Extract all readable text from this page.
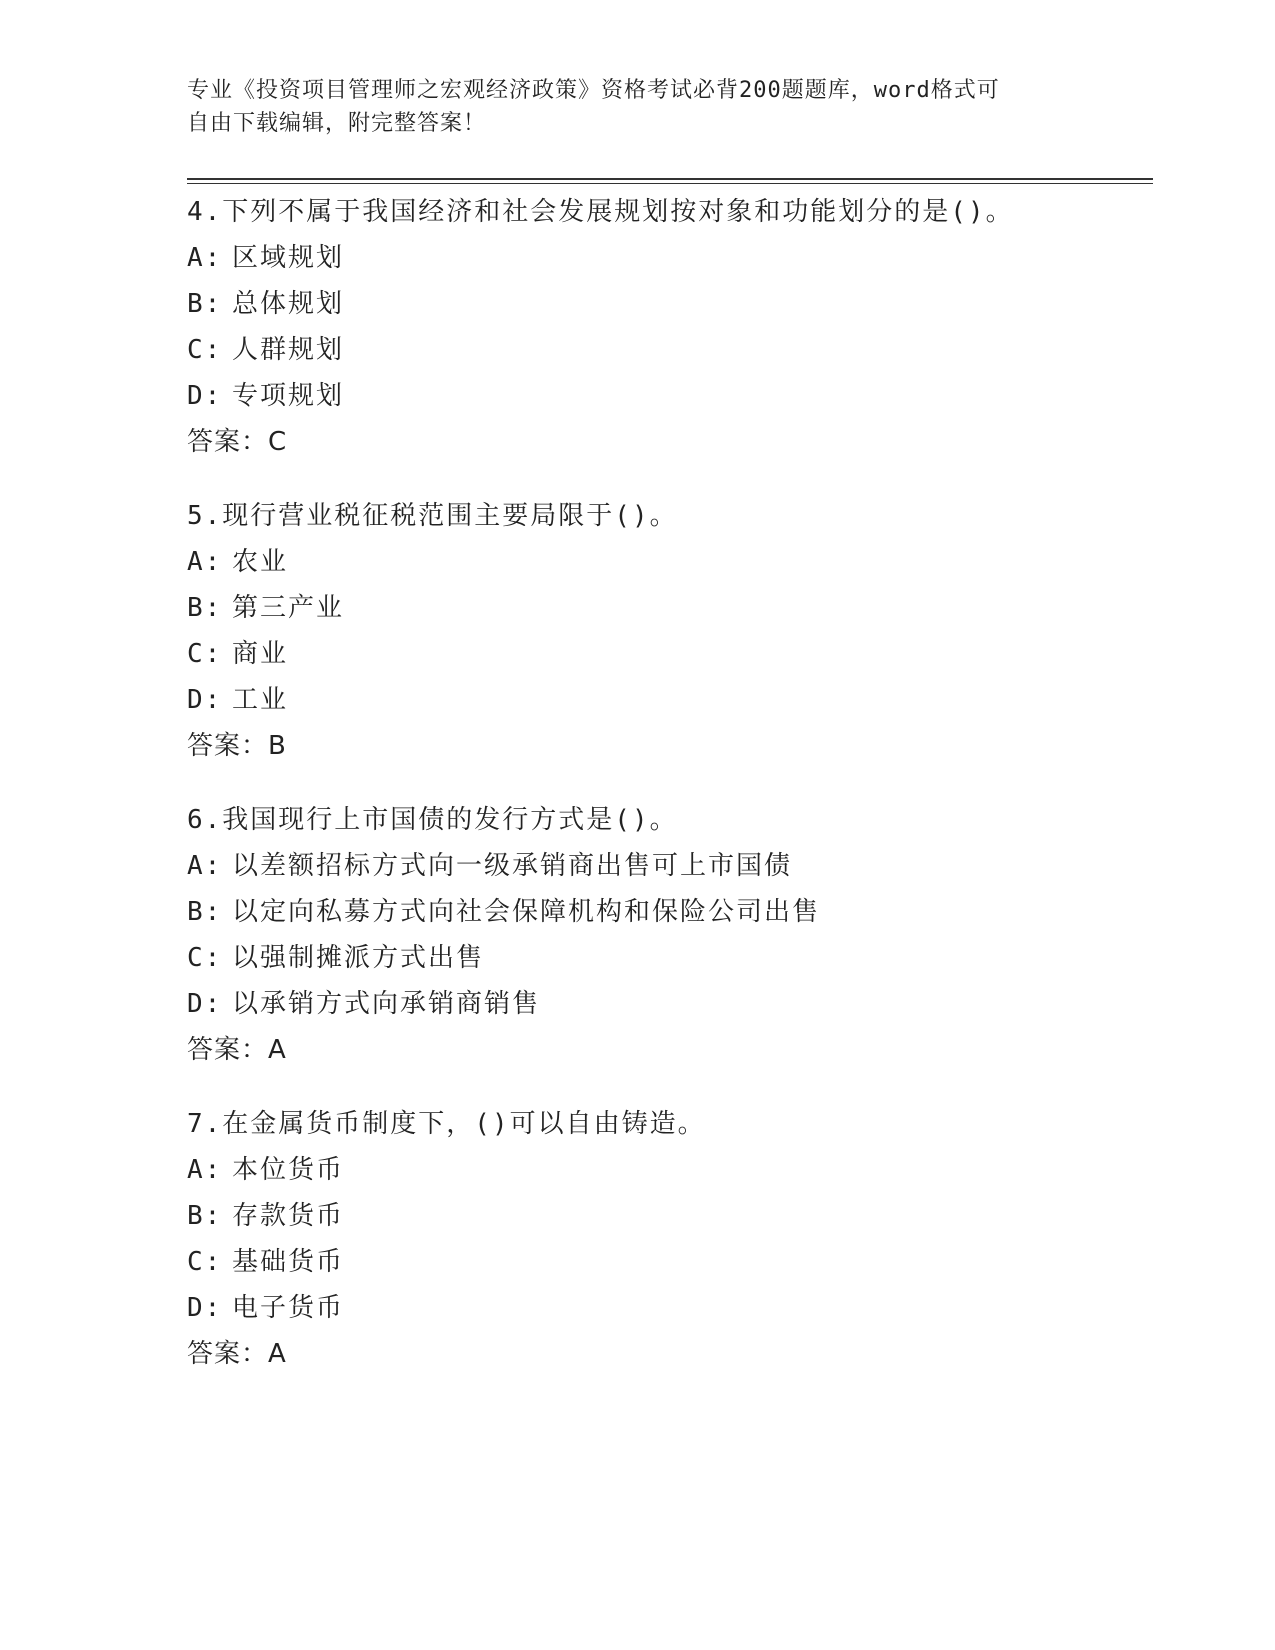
专业《投资项目管理师之宏观经济政策》资格考试必背200题题库，word格式可
自由下载编辑，附完整答案！
4.下列不属于我国经济和社会发展规划按对象和功能划分的是()。
A: 区域规划
B: 总体规划
C: 人群规划
D: 专项规划
答案：C
5.现行营业税征税范围主要局限于()。
A: 农业
B: 第三产业
C: 商业
D: 工业
答案：B
6.我国现行上市国债的发行方式是()。
A: 以差额招标方式向一级承销商出售可上市国债
B: 以定向私募方式向社会保障机构和保险公司出售
C: 以强制摊派方式出售
D: 以承销方式向承销商销售
答案：A
7.在金属货币制度下，()可以自由铸造。
A: 本位货币
B: 存款货币
C: 基础货币
D: 电子货币
答案：A
